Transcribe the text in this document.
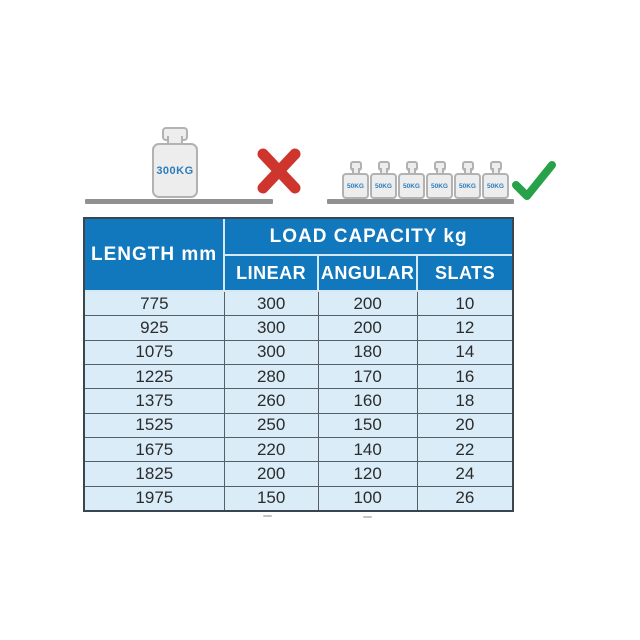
300KG
50KG 50KG 50KG 50KG 50KG 50KG
LENGTH mm	LOAD CAPACITY kg		
	LINEAR	ANGULAR	SLATS
775	300	200	10
925	300	200	12
1075	300	180	14
1225	280	170	16
1375	260	160	18
1525	250	150	20
1675	220	140	22
1825	200	120	24
1975	150	100	26
